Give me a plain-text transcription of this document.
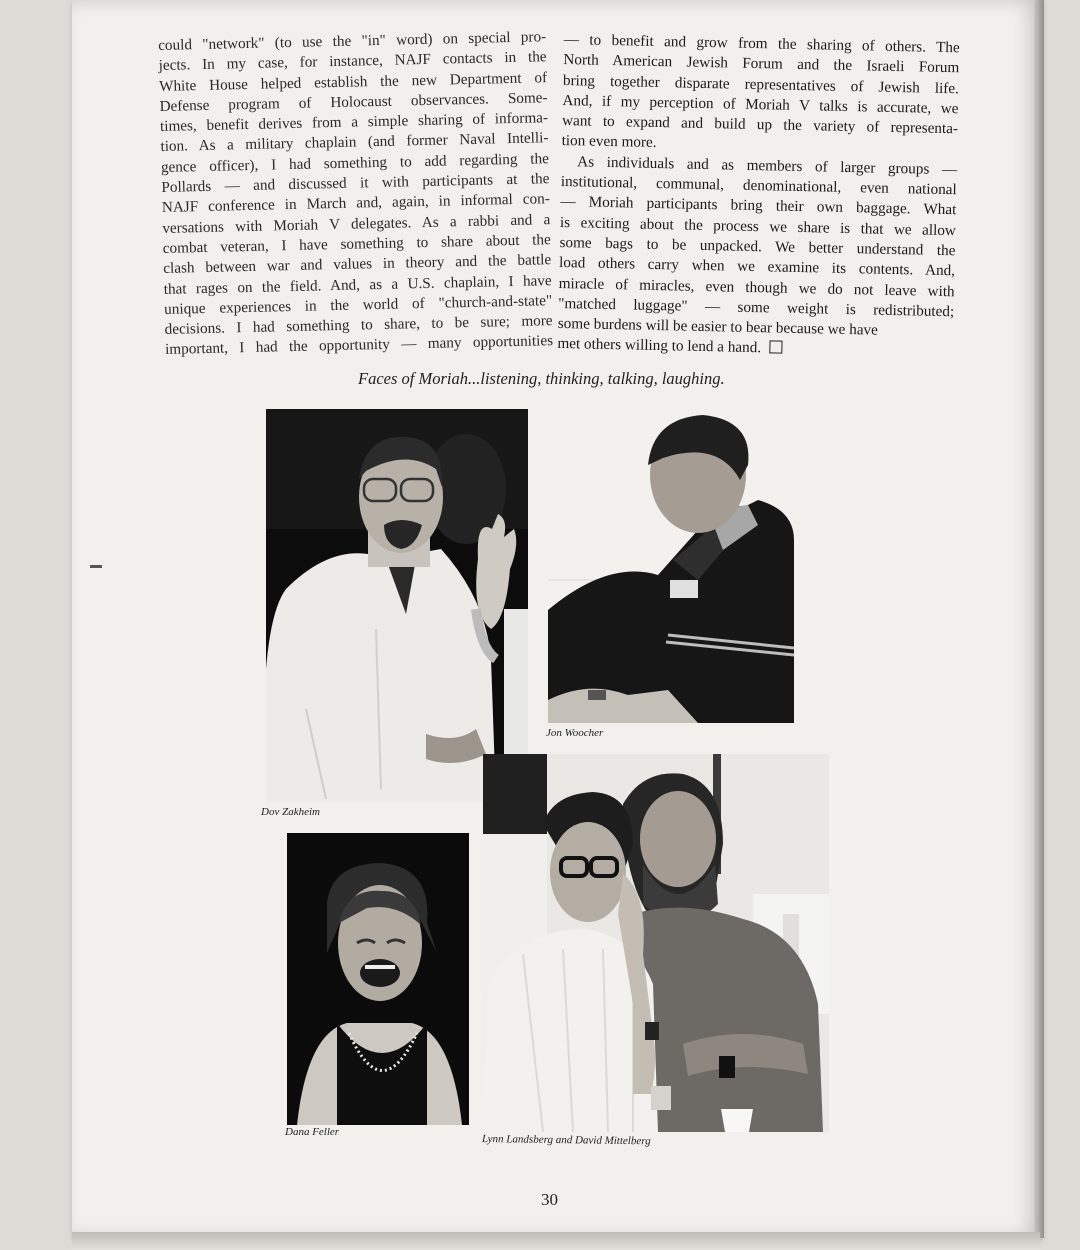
could "network" (to use the "in" word) on special pro-
jects. In my case, for instance, NAJF contacts in the
White House helped establish the new Department of
Defense program of Holocaust observances. Some-
times, benefit derives from a simple sharing of informa-
tion. As a military chaplain (and former Naval Intelli-
gence officer), I had something to add regarding the
Pollards — and discussed it with participants at the
NAJF conference in March and, again, in informal con-
versations with Moriah V delegates. As a rabbi and a
combat veteran, I have something to share about the
clash between war and values in theory and the battle
that rages on the field. And, as a U.S. chaplain, I have
unique experiences in the world of "church-and-state"
decisions. I had something to share, to be sure; more
important, I had the opportunity — many opportunities

— to benefit and grow from the sharing of others. The
North American Jewish Forum and the Israeli Forum
bring together disparate representatives of Jewish life.
And, if my perception of Moriah V talks is accurate, we
want to expand and build up the variety of representa-

tion even more.

As individuals and as members of larger groups —
institutional, communal, denominational, even national
— Moriah participants bring their own baggage. What
is exciting about the process we share is that we allow
some bags to be unpacked. We better understand the
load others carry when we examine its contents. And,
miracle of miracles, even though we do not leave with
"matched luggage" — some weight is redistributed;

some burdens will be easier to bear because we have
met others willing to lend a hand.

Faces of Moriah...listening, thinking, talking, laughing.
Dov Zakheim
Jon Woocher
Dana Feller
Lynn Landsberg and David Mittelberg
30
